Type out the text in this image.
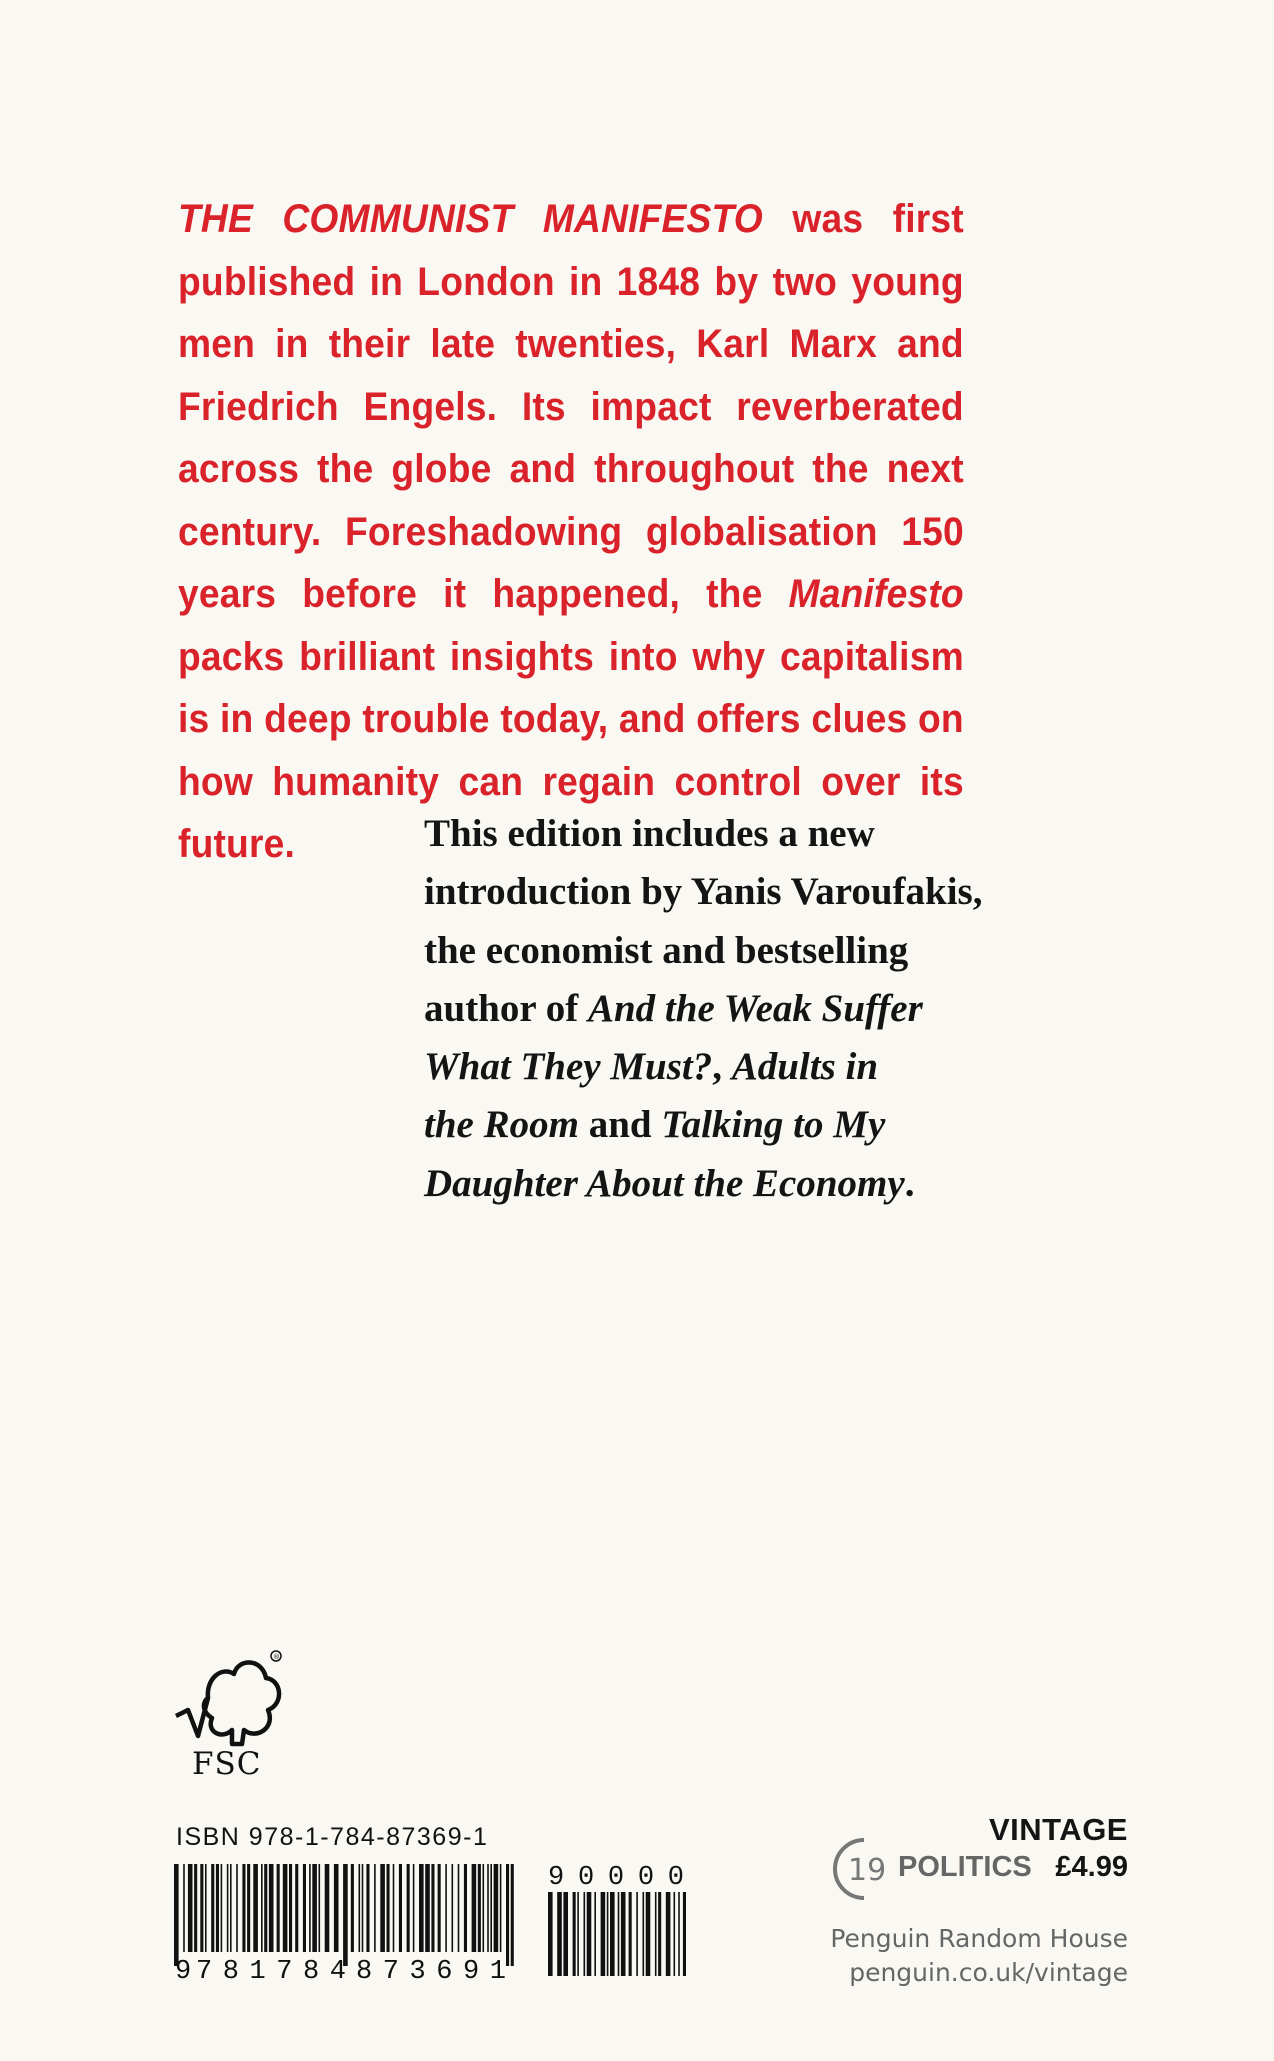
THE COMMUNIST MANIFESTO was first published in London in 1848 by two young men in their late twenties, Karl Marx and Friedrich Engels. Its impact reverberated across the globe and throughout the next century. Foreshadowing globalisation 150 years before it happened, the Manifesto packs brilliant insights into why capitalism is in deep trouble today, and offers clues on how humanity can regain control over its future.	This edition includes a new
introduction by Yanis Varoufakis,
the economist and bestselling
author of And the Weak Suffer
What They Must?, Adults in
the Room and Talking to My
Daughter About the Economy.
®
FSC
ISBN 978-1-784-87369-1
9 781784 873691
90000
VINTAGE
19 POLITICS £4.99
Penguin Random House
penguin.co.uk/vintage
